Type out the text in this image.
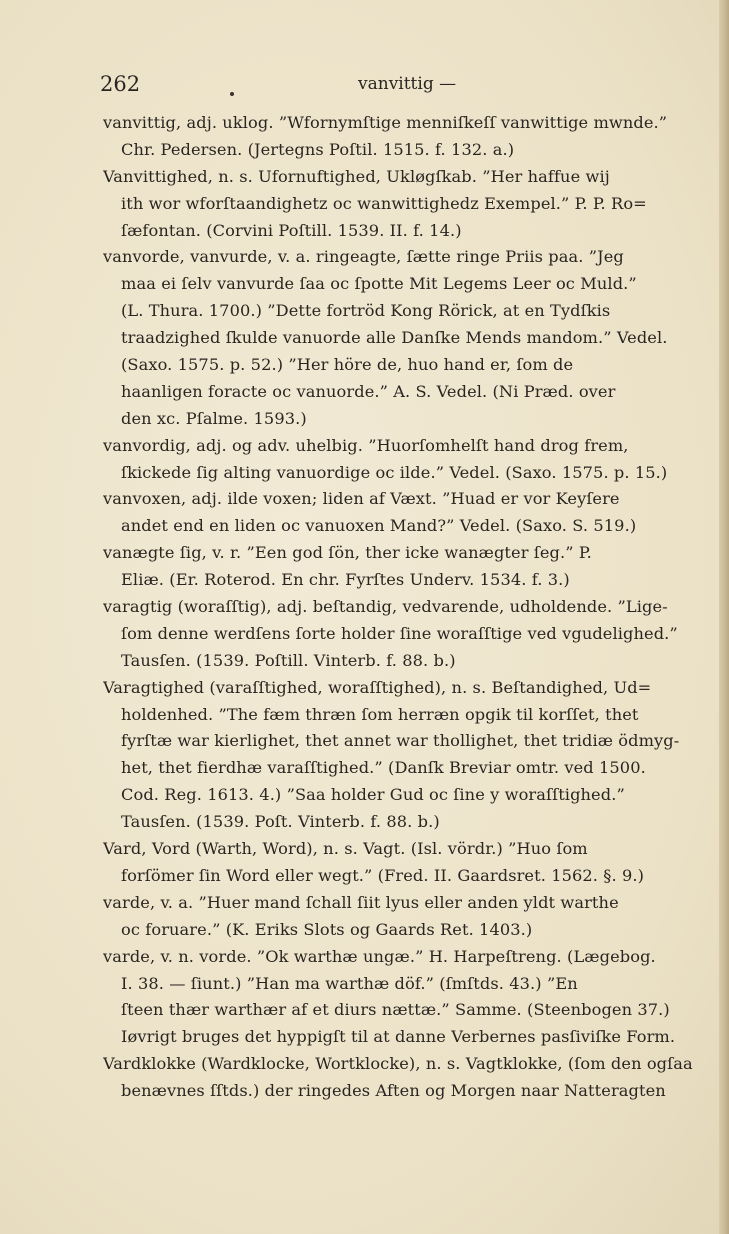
262	vanvittig —
vanvittig, adj. uklog. ”Wfornymſtige menniſkeſſ vanwittige mwnde.”
Chr. Pedersen. (Jertegns Poſtil. 1515. f. 132. a.)
Vanvittighed, n. s. Ufornuftighed, Ukløgſkab. ”Her haffue wij
ith wor wforſtaandighetz oc wanwittighedz Exempel.” P. P. Ro=
ſæfontan. (Corvini Poſtill. 1539. II. f. 14.)
vanvorde, vanvurde, v. a. ringeagte, ſætte ringe Priis paa. ”Jeg
maa ei ſelv vanvurde ſaa oc ſpotte Mit Legems Leer oc Muld.”
(L. Thura. 1700.) ”Dette fortröd Kong Rörick, at en Tydſkis
traadzighed ſkulde vanuorde alle Danſke Mends mandom.” Vedel.
(Saxo. 1575. p. 52.) ”Her höre de, huo hand er, ſom de
haanligen foracte oc vanuorde.” A. S. Vedel. (Ni Præd. over
den xc. Pſalme. 1593.)
vanvordig, adj. og adv. uhelbig. ”Huorſomhelſt hand drog frem,
ſkickede ſig alting vanuordige oc ilde.” Vedel. (Saxo. 1575. p. 15.)
vanvoxen, adj. ilde voxen; liden af Væxt. ”Huad er vor Keyſere
andet end en liden oc vanuoxen Mand?” Vedel. (Saxo. S. 519.)
vanægte ſig, v. r. ”Een god ſön, ther icke wanægter ſeg.” P.
Eliæ. (Er. Roterod. En chr. Fyrſtes Underv. 1534. f. 3.)
varagtig (woraſſtig), adj. beſtandig, vedvarende, udholdende. ”Lige-
ſom denne werdſens ſorte holder ſine woraſſtige ved vgudelighed.”
Tausſen. (1539. Poſtill. Vinterb. f. 88. b.)
Varagtighed (varaſſtighed, woraſſtighed), n. s. Beſtandighed, Ud=
holdenhed. ”The fæm thræn ſom herræn opgik til korſſet, thet
fyrſtæ war kierlighet, thet annet war thollighet, thet tridiæ ödmyg-
het, thet fierdhæ varaſſtighed.” (Danſk Breviar omtr. ved 1500.
Cod. Reg. 1613. 4.) ”Saa holder Gud oc ſine y woraſſtighed.”
Tausſen. (1539. Poſt. Vinterb. f. 88. b.)
Vard, Vord (Warth, Word), n. s. Vagt. (Isl. vördr.) ”Huo ſom
forſömer ſin Word eller wegt.” (Fred. II. Gaardsret. 1562. §. 9.)
varde, v. a. ”Huer mand ſchall ſiit lyus eller anden yldt warthe
oc foruare.” (K. Eriks Slots og Gaards Ret. 1403.)
varde, v. n. vorde. ”Ok warthæ ungæ.” H. Harpeſtreng. (Lægebog.
I. 38. — ſiunt.) ”Han ma warthæ döf.” (ſmſtds. 43.) ”En
ſteen thær warthær af et diurs nættæ.” Samme. (Steenbogen 37.)
Iøvrigt bruges det hyppigſt til at danne Verbernes pasſiviſke Form.
Vardklokke (Wardklocke, Wortklocke), n. s. Vagtklokke, (ſom den ogſaa
benævnes ſſtds.) der ringedes Aften og Morgen naar Natteragten
